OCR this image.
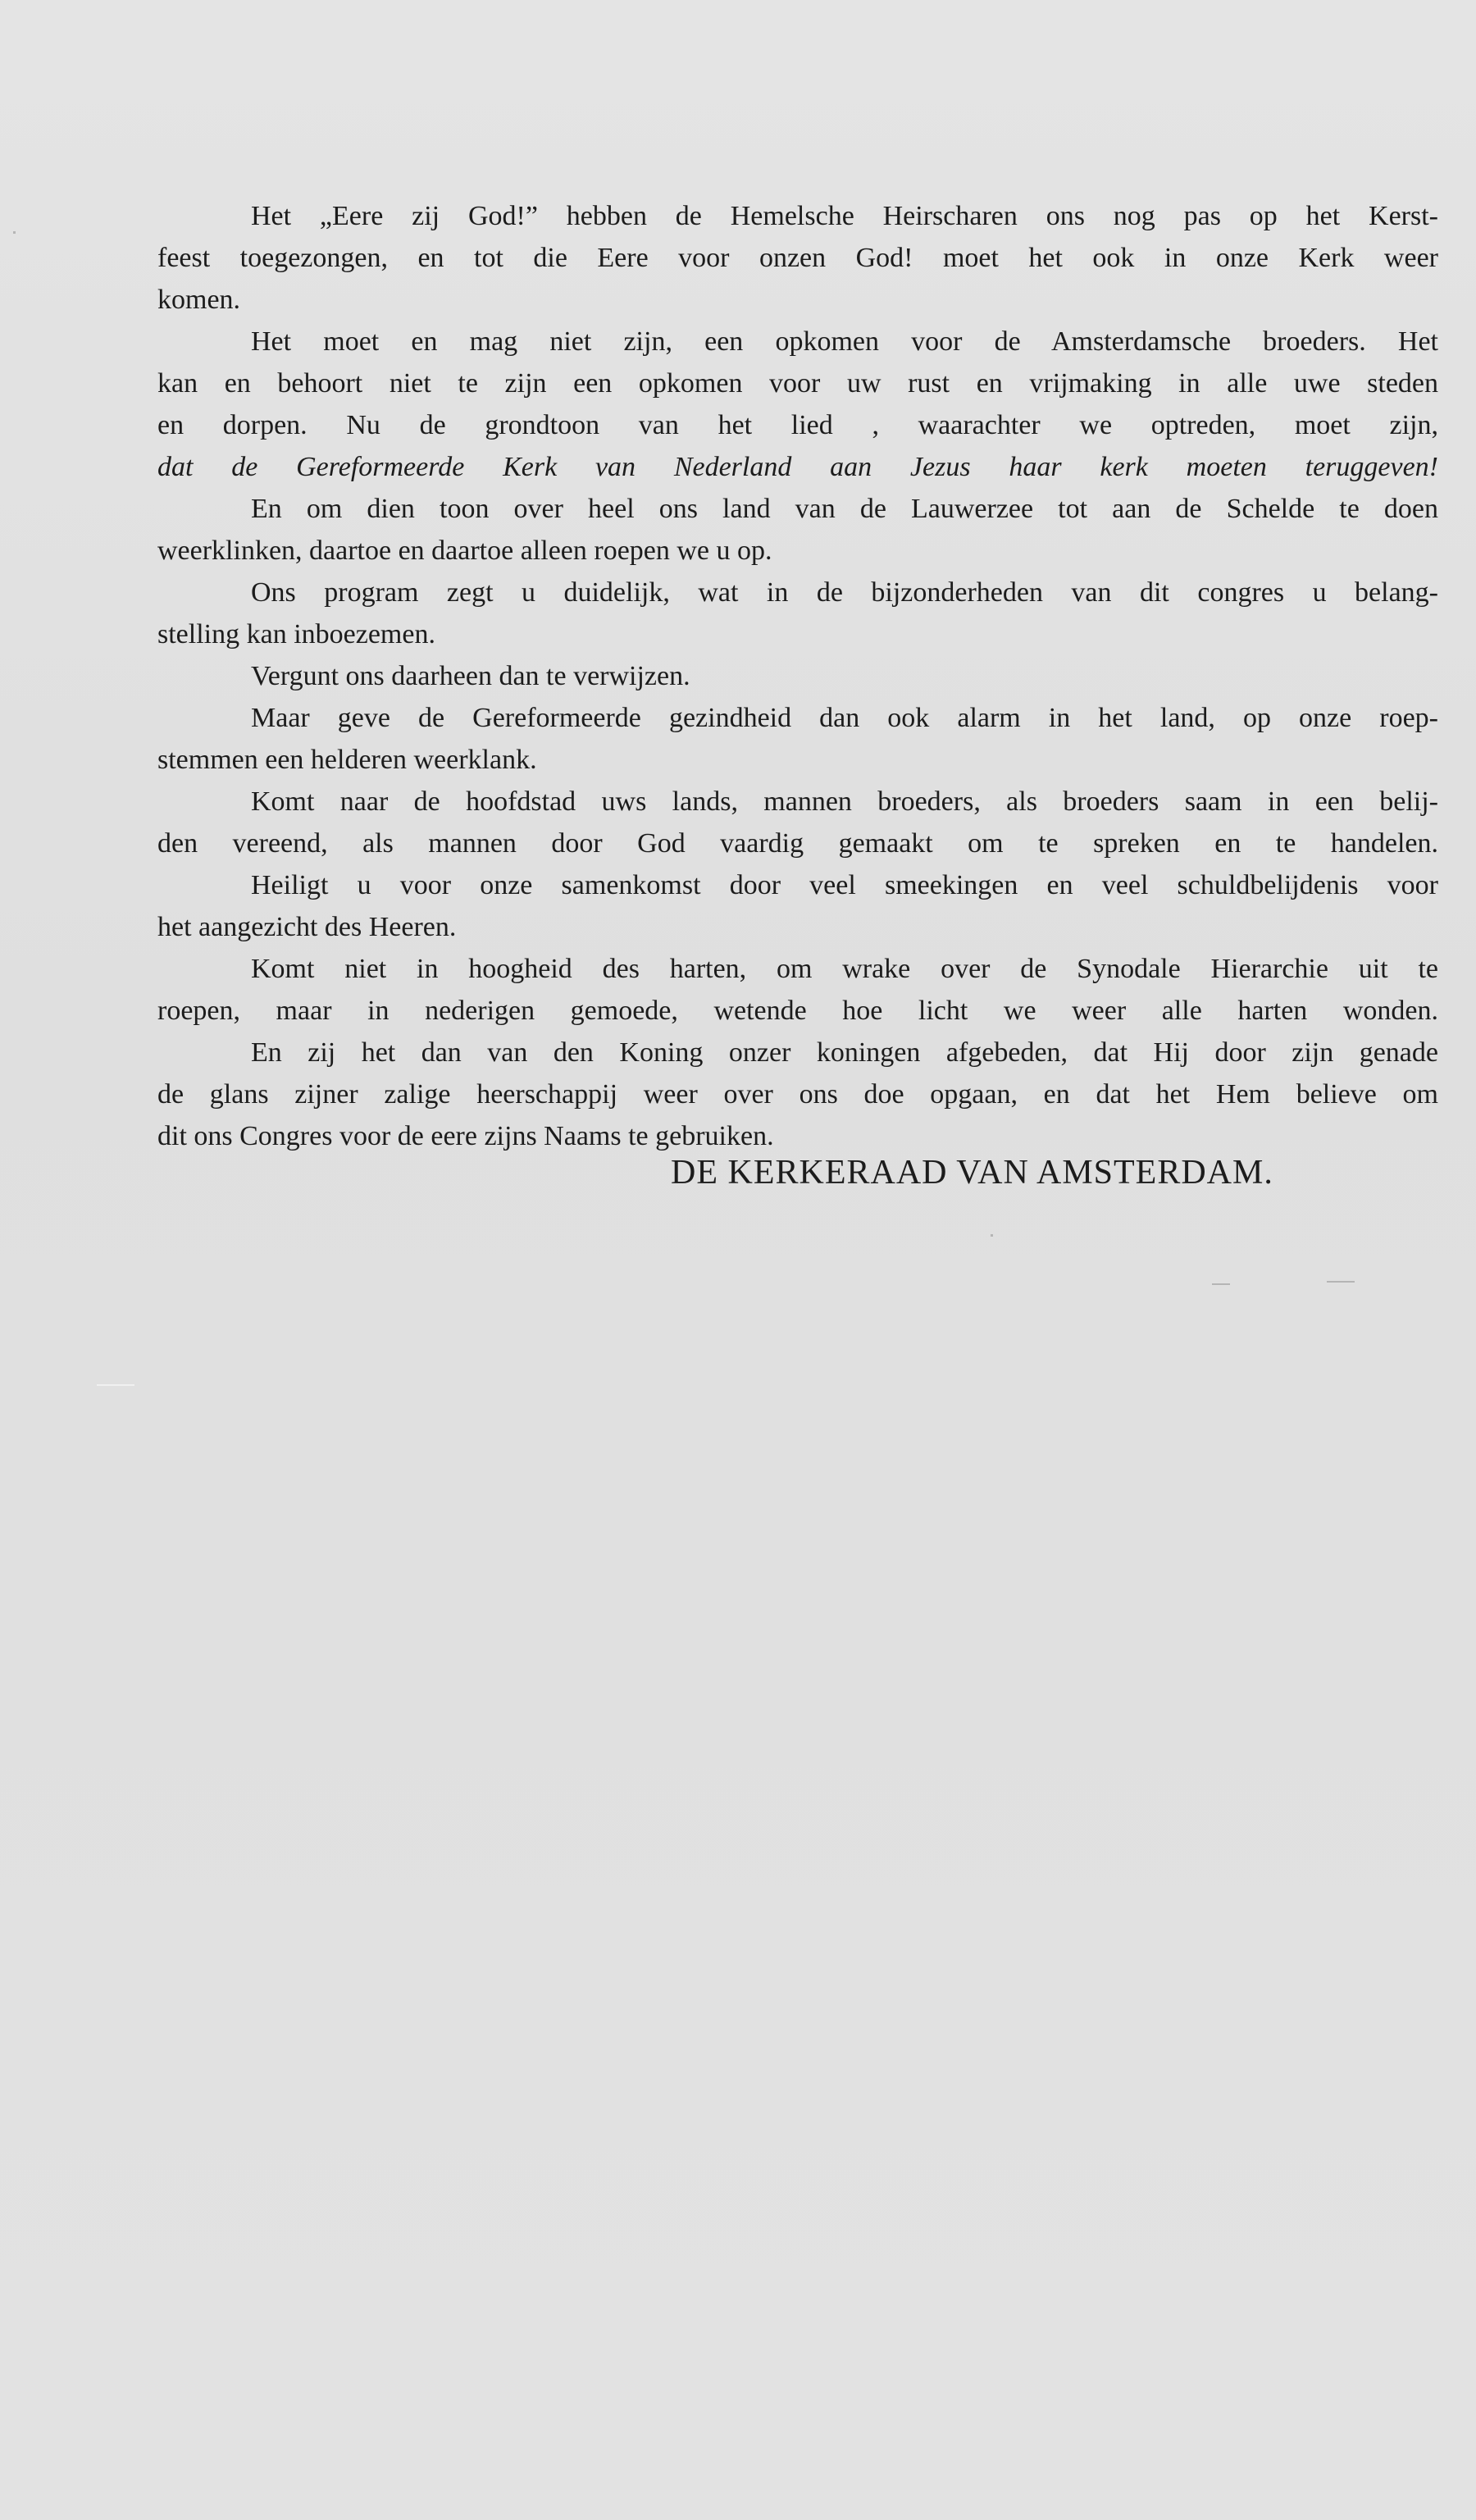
Het „Eere zij God!” hebben de Hemelsche Heirscharen ons nog pas op het Kerst-
feest toegezongen, en tot die Eere voor onzen God! moet het ook in onze Kerk weer
komen.
Het moet en mag niet zijn, een opkomen voor de Amsterdamsche broeders. Het
kan en behoort niet te zijn een opkomen voor uw rust en vrijmaking in alle uwe steden
en dorpen. Nu de grondtoon van het lied , waarachter we optreden, moet zijn,
dat de Gereformeerde Kerk van Nederland aan Jezus haar kerk moeten teruggeven!
En om dien toon over heel ons land van de Lauwerzee tot aan de Schelde te doen
weerklinken, daartoe en daartoe alleen roepen we u op.
Ons program zegt u duidelijk, wat in de bijzonderheden van dit congres u belang-
stelling kan inboezemen.
Vergunt ons daarheen dan te verwijzen.
Maar geve de Gereformeerde gezindheid dan ook alarm in het land, op onze roep-
stemmen een helderen weerklank.
Komt naar de hoofdstad uws lands, mannen broeders, als broeders saam in een belij-
den vereend, als mannen door God vaardig gemaakt om te spreken en te handelen.
Heiligt u voor onze samenkomst door veel smeekingen en veel schuldbelijdenis voor
het aangezicht des Heeren.
Komt niet in hoogheid des harten, om wrake over de Synodale Hierarchie uit te
roepen, maar in nederigen gemoede, wetende hoe licht we weer alle harten wonden.
En zij het dan van den Koning onzer koningen afgebeden, dat Hij door zijn genade
de glans zijner zalige heerschappij weer over ons doe opgaan, en dat het Hem believe om
dit ons Congres voor de eere zijns Naams te gebruiken.
DE KERKERAAD VAN AMSTERDAM.
